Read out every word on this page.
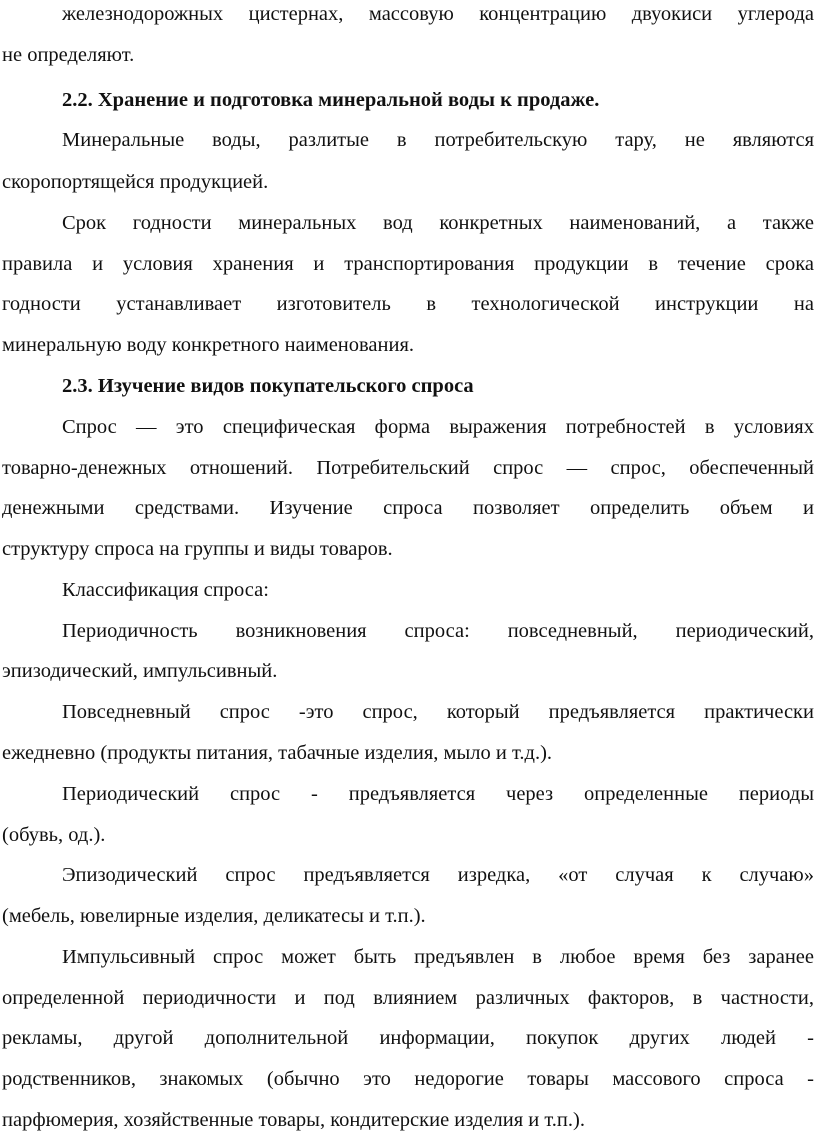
железнодорожных цистернах, массовую концентрацию двуокиси углерода
не определяют.
2.2. Хранение и подготовка минеральной воды к продаже.
Минеральные воды, разлитые в потребительскую тару, не являются
скоропортящейся продукцией.
Срок годности минеральных вод конкретных наименований, а также
правила и условия хранения и транспортирования продукции в течение срока
годности устанавливает изготовитель в технологической инструкции на
минеральную воду конкретного наименования.
2.3. Изучение видов покупательского спроса
Спрос — это специфическая форма выражения потребностей в условиях
товарно-денежных отношений. Потребительский спрос — спрос, обеспеченный
денежными средствами. Изучение спроса позволяет определить объем и
структуру спроса на группы и виды товаров.
Классификация спроса:
Периодичность возникновения спроса: повседневный, периодический,
эпизодический, импульсивный.
Повседневный спрос -это спрос, который предъявляется практически
ежедневно (продукты питания, табачные изделия, мыло и т.д.).
Периодический спрос - предъявляется через определенные периоды
(обувь, од.).
Эпизодический спрос предъявляется изредка, «от случая к случаю»
(мебель, ювелирные изделия, деликатесы и т.п.).
Импульсивный спрос может быть предъявлен в любое время без заранее
определенной периодичности и под влиянием различных факторов, в частности,
рекламы, другой дополнительной информации, покупок других людей -
родственников, знакомых (обычно это недорогие товары массового спроса -
парфюмерия, хозяйственные товары, кондитерские изделия и т.п.).
